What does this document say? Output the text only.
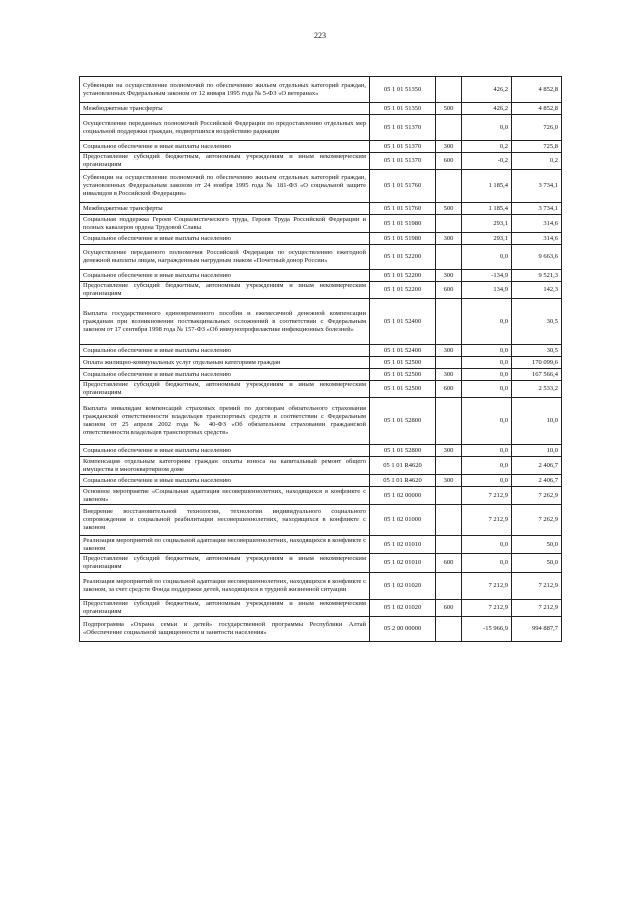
223
Субвенции на осуществление полномочий по обеспечению жильем отдельных категорий граждан, установленных Федеральным законом от 12 января 1995 года № 5-ФЗ «О ветеранах»	05 1 01 51350		426,2	4 852,8
Межбюджетные трансферты	05 1 01 51350	500	426,2	4 852,8
Осуществление переданных полномочий Российской Федерации по предоставлению отдельных мер социальной поддержки граждан, подвергшихся воздействию радиации	05 1 01 51370		0,0	726,0
Социальное обеспечение и иные выплаты населению	05 1 01 51370	300	0,2	725,8
Предоставление субсидий бюджетным, автономным учреждениям и иным некоммерческим организациям	05 1 01 51370	600	-0,2	0,2
Субвенции на осуществление полномочий по обеспечению жильем отдельных категорий граждан, установленных Федеральным законом от 24 ноября 1995 года № 181-ФЗ «О социальной защите инвалидов в Российской Федерации»	05 1 01 51760		1 185,4	3 734,1
Межбюджетные трансферты	05 1 01 51760	500	1 185,4	3 734,1
Социальная поддержка Героев Социалистического труда, Героев Труда Российской Федерации и полных кавалеров ордена Трудовой Славы	05 1 01 51980		293,1	314,6
Социальное обеспечение и иные выплаты населению	05 1 01 51980	300	293,1	314,6
Осуществление переданного полномочия Российской Федерации по осуществлению ежегодной денежной выплаты лицам, награжденным нагрудным знаком «Почетный донор России»	05 1 01 52200		0,0	9 663,6
Социальное обеспечение и иные выплаты населению	05 1 01 52200	300	-134,9	9 521,3
Предоставление субсидий бюджетным, автономным учреждениям и иным некоммерческим организациям	05 1 01 52200	600	134,9	142,3
Выплата государственного единовременного пособия и ежемесячной денежной компенсации гражданам при возникновении поствакцинальных осложнений в соответствии с Федеральным законом от 17 сентября 1998 года № 157-ФЗ «Об иммунопрофилактике инфекционных болезней»	05 1 01 52400		0,0	30,5
Социальное обеспечение и иные выплаты населению	05 1 01 52400	300	0,0	30,5
Оплата жилищно-коммунальных услуг отдельным категориям граждан	05 1 01 52500		0,0	170 099,6
Социальное обеспечение и иные выплаты населению	05 1 01 52500	300	0,0	167 566,4
Предоставление субсидий бюджетным, автономным учреждениям и иным некоммерческим организациям	05 1 01 52500	600	0,0	2 533,2
Выплата инвалидам компенсаций страховых премий по договорам обязательного страхования гражданской ответственности владельцев транспортных средств в соответствии с Федеральным законом от 25 апреля 2002 года № 40-ФЗ «Об обязательном страховании гражданской ответственности владельцев транспортных средств»	05 1 01 52800		0,0	10,0
Социальное обеспечение и иные выплаты населению	05 1 01 52800	300	0,0	10,0
Компенсация отдельным категориям граждан оплаты взноса на капитальный ремонт общего имущества в многоквартирном доме	05 1 01 R4620		0,0	2 406,7
Социальное обеспечение и иные выплаты населению	05 1 01 R4620	300	0,0	2 406,7
Основное мероприятие «Социальная адаптация несовершеннолетних, находящихся в конфликте с законом»	05 1 02 00000		7 212,9	7 262,9
Внедрение восстановительной технологии, технологии индивидуального социального сопровождения и социальной реабилитации несовершеннолетних, находящихся в конфликте с законом	05 1 02 01000		7 212,9	7 262,9
Реализация мероприятий по социальной адаптации несовершеннолетних, находящихся в конфликте с законом	05 1 02 01010		0,0	50,0
Предоставление субсидий бюджетным, автономным учреждениям и иным некоммерческим организациям	05 1 02 01010	600	0,0	50,0
Реализация мероприятий по социальной адаптации несовершеннолетних, находящихся в конфликте с законом, за счет средств Фонда поддержки детей, находящихся в трудной жизненной ситуации	05 1 02 01020		7 212,9	7 212,9
Предоставление субсидий бюджетным, автономным учреждениям и иным некоммерческим организациям	05 1 02 01020	600	7 212,9	7 212,9
Подпрограмма «Охрана семьи и детей» государственной программы Республики Алтай «Обеспечение социальной защищенности и занятости населения»	05 2 00 00000		-15 966,9	994 887,7
